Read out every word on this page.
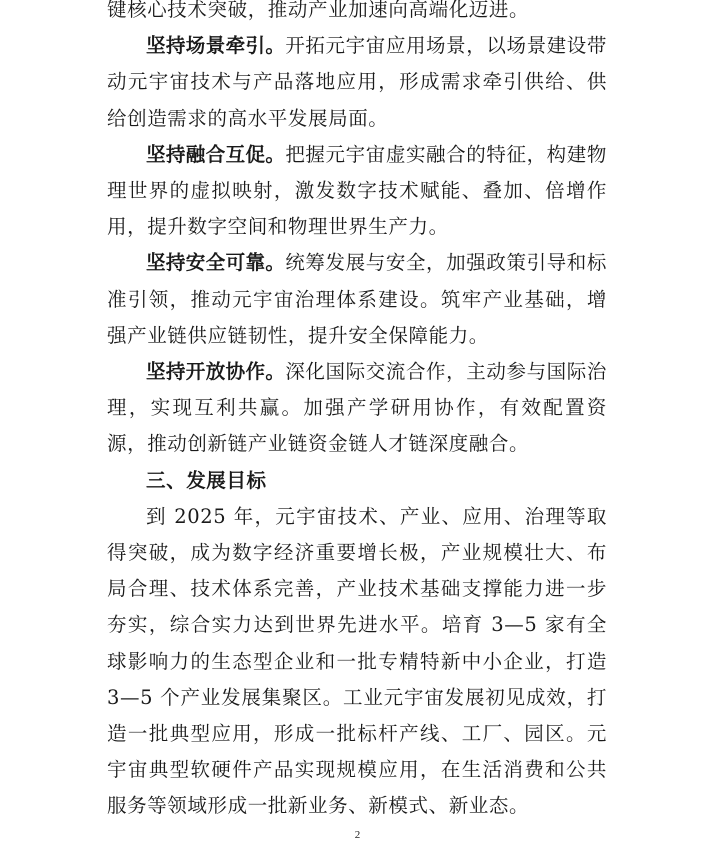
键核心技术突破，推动产业加速向高端化迈进。

坚持场景牵引。开拓元宇宙应用场景，以场景建设带动元宇宙技术与产品落地应用，形成需求牵引供给、供给创造需求的高水平发展局面。

坚持融合互促。把握元宇宙虚实融合的特征，构建物理世界的虚拟映射，激发数字技术赋能、叠加、倍增作用，提升数字空间和物理世界生产力。

坚持安全可靠。统筹发展与安全，加强政策引导和标准引领，推动元宇宙治理体系建设。筑牢产业基础，增强产业链供应链韧性，提升安全保障能力。

坚持开放协作。深化国际交流合作，主动参与国际治理，实现互利共赢。加强产学研用协作，有效配置资源，推动创新链产业链资金链人才链深度融合。

三、发展目标

到 2025 年，元宇宙技术、产业、应用、治理等取得突破，成为数字经济重要增长极，产业规模壮大、布局合理、技术体系完善，产业技术基础支撑能力进一步夯实，综合实力达到世界先进水平。培育 3—5 家有全球影响力的生态型企业和一批专精特新中小企业，打造 3—5 个产业发展集聚区。工业元宇宙发展初见成效，打造一批典型应用，形成一批标杆产线、工厂、园区。元宇宙典型软硬件产品实现规模应用，在生活消费和公共服务等领域形成一批新业务、新模式、新业态。

2
